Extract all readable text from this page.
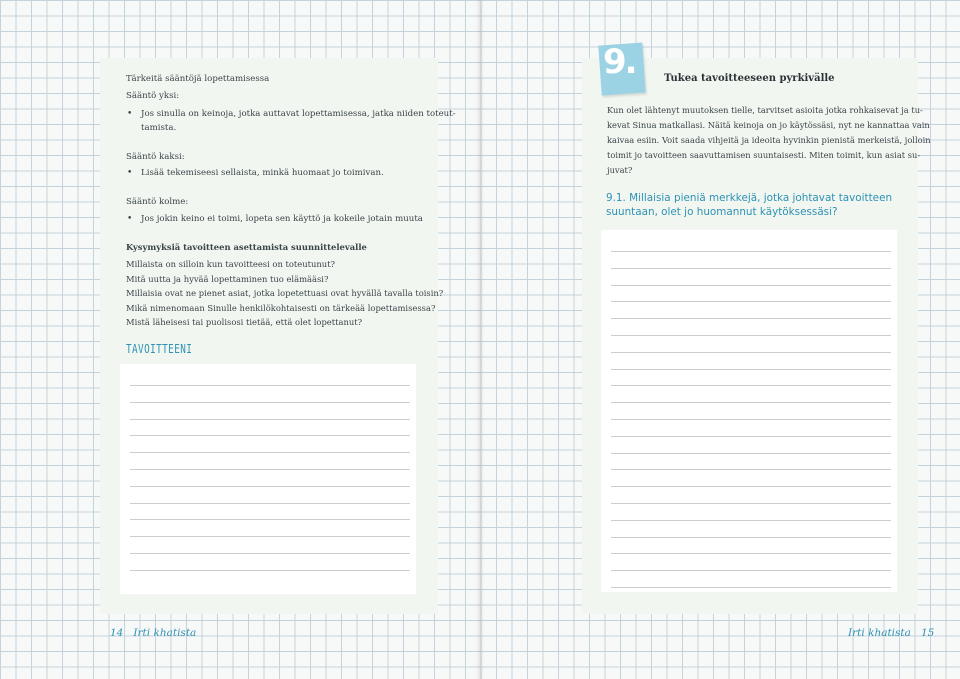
Tärkeitä sääntöjä lopettamisessa
Sääntö yksi:
• Jos sinulla on keinoja, jotka auttavat lopettamisessa, jatka niiden toteut-
tamista.
Sääntö kaksi:
• Lisää tekemiseesi sellaista, minkä huomaat jo toimivan.
Sääntö kolme:
• Jos jokin keino ei toimi, lopeta sen käyttö ja kokeile jotain muuta
Kysymyksiä tavoitteen asettamista suunnittelevalle
Millaista on silloin kun tavoitteesi on toteutunut?
Mitä uutta ja hyvää lopettaminen tuo elämääsi?
Millaisia ovat ne pienet asiat, jotka lopetettuasi ovat hyvällä tavalla toisin?
Mikä nimenomaan Sinulle henkilökohtaisesti on tärkeää lopettamisessa?
Mistä läheisesi tai puolisosi tietää, että olet lopettanut?
TAVOITTEENI
14 Irti khatista
9.	Tukea tavoitteeseen pyrkivälle
Kun olet lähtenyt muutoksen tielle, tarvitset asioita jotka rohkaisevat ja tu-
kevat Sinua matkallasi. Näitä keinoja on jo käytössäsi, nyt ne kannattaa vain
kaivaa esiin. Voit saada vihjeitä ja ideoita hyvinkin pienistä merkeistä, jolloin
toimit jo tavoitteen saavuttamisen suuntaisesti. Miten toimit, kun asiat su-
juvat?
9.1. Millaisia pieniä merkkejä, jotka johtavat tavoitteen
suuntaan, olet jo huomannut käytöksessäsi?
Irti khatista 15
